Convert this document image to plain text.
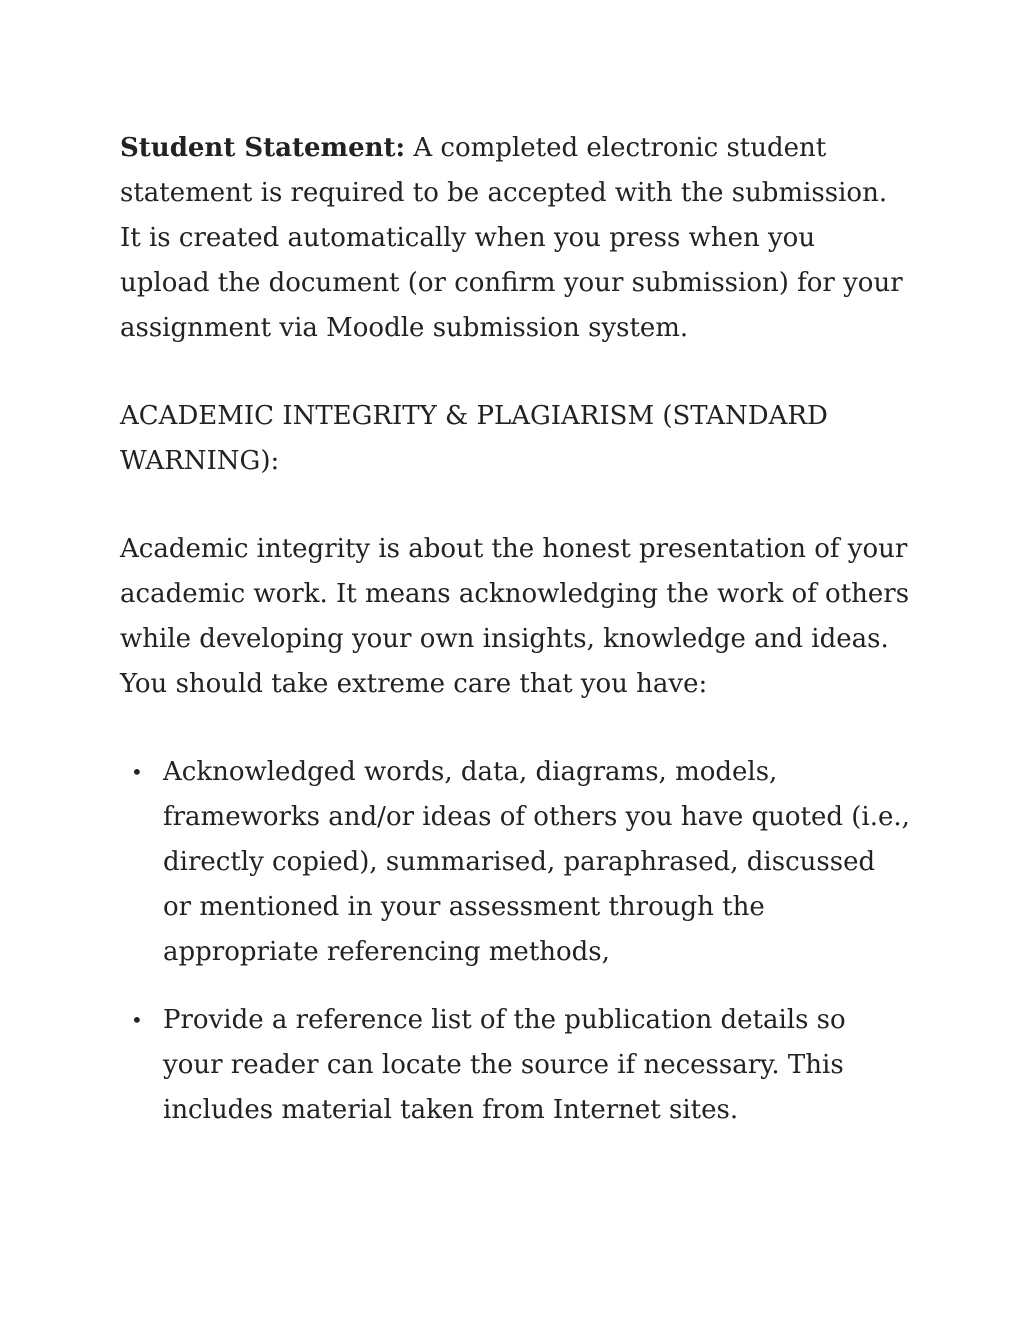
Student Statement: A completed electronic student statement is required to be accepted with the submission. It is created automatically when you press when you upload the document (or confirm your submission) for your assignment via Moodle submission system.

ACADEMIC INTEGRITY & PLAGIARISM (STANDARD WARNING):

Academic integrity is about the honest presentation of your academic work. It means acknowledging the work of others while developing your own insights, knowledge and ideas. You should take extreme care that you have:

• Acknowledged words, data, diagrams, models, frameworks and/or ideas of others you have quoted (i.e., directly copied), summarised, paraphrased, discussed or mentioned in your assessment through the appropriate referencing methods,
• Provide a reference list of the publication details so your reader can locate the source if necessary. This includes material taken from Internet sites.
